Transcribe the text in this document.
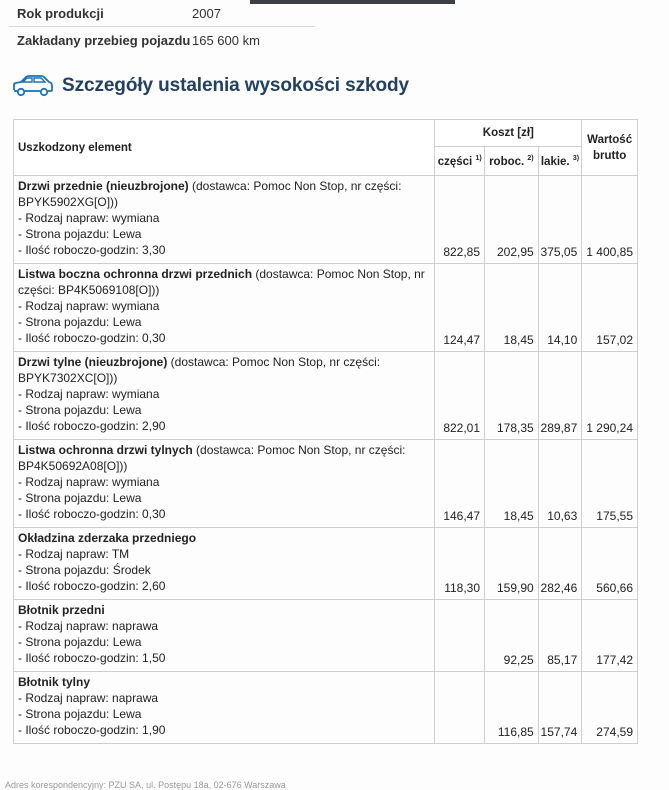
Rok produkcji	2007
Zakładany przebieg pojazdu 165 600 km
Szczegóły ustalenia wysokości szkody
Uszkodzony element	Koszt [zł]			Wartość
brutto
	części $^{1)}$	roboc. $^{2)}$	lakie. $^{3)}$
Drzwi przednie (nieuzbrojone) (dostawca: Pomoc Non Stop, nr części: BPYK5902XG[O]))
- Rodzaj napraw: wymiana
- Strona pojazdu: Lewa
- Ilość roboczo-godzin: 3,30	822,85	202,95	375,05	1 400,85
Listwa boczna ochronna drzwi przednich (dostawca: Pomoc Non Stop, nr części: BP4K5069108[O]))
- Rodzaj napraw: wymiana
- Strona pojazdu: Lewa
- Ilość roboczo-godzin: 0,30	124,47	18,45	14,10	157,02
Drzwi tylne (nieuzbrojone) (dostawca: Pomoc Non Stop, nr części: BPYK7302XC[O]))
- Rodzaj napraw: wymiana
- Strona pojazdu: Lewa
- Ilość roboczo-godzin: 2,90	822,01	178,35	289,87	1 290,24
Listwa ochronna drzwi tylnych (dostawca: Pomoc Non Stop, nr części: BP4K50692A08[O]))
- Rodzaj napraw: wymiana
- Strona pojazdu: Lewa
- Ilość roboczo-godzin: 0,30	146,47	18,45	10,63	175,55
Okładzina zderzaka przedniego
- Rodzaj napraw: TM
- Strona pojazdu: Środek
- Ilość roboczo-godzin: 2,60	118,30	159,90	282,46	560,66
Błotnik przedni
- Rodzaj napraw: naprawa
- Strona pojazdu: Lewa
- Ilość roboczo-godzin: 1,50		92,25	85,17	177,42
Błotnik tylny
- Rodzaj napraw: naprawa
- Strona pojazdu: Lewa
- Ilość roboczo-godzin: 1,90		116,85	157,74	274,59
Adres korespondencyjny: PZU SA, ul. Postępu 18a, 02-676 Warszawa
